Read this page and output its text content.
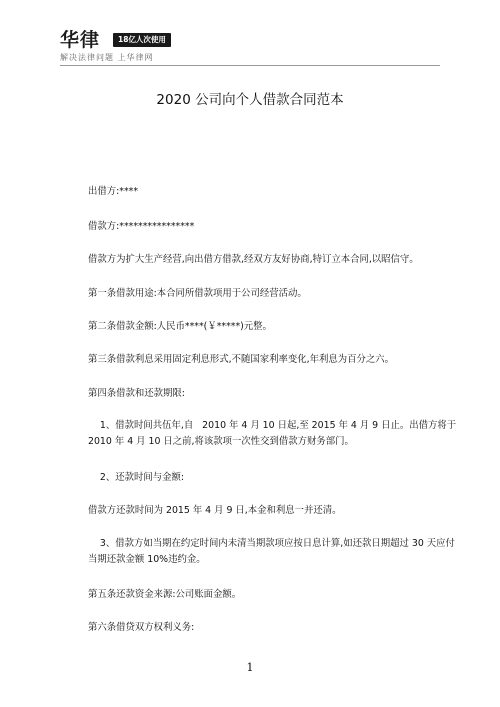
华律	18亿人次使用
解决法律问题 上华律网
2020 公司向个人借款合同范本
出借方:****
借款方:****************
借款方为扩大生产经营,向出借方借款,经双方友好协商,特订立本合同,以昭信守。
第一条借款用途:本合同所借款项用于公司经营活动。
第二条借款金额:人民币****(￥*****)元整。
第三条借款利息采用固定利息形式,不随国家利率变化,年利息为百分之六。
第四条借款和还款期限:
1、借款时间共伍年,自   2010 年 4 月 10 日起,至 2015 年 4 月 9 日止。出借方将于 2010 年 4 月 10 日之前,将该款项一次性交到借款方财务部门。
2、还款时间与金额:
借款方还款时间为 2015 年 4 月 9 日,本金和利息一并还清。
3、借款方如当期在约定时间内未清当期款项应按日息计算,如还款日期超过 30 天应付当期还款金额 10%违约金。
第五条还款资金来源:公司账面金额。
第六条借贷双方权利义务:
1
